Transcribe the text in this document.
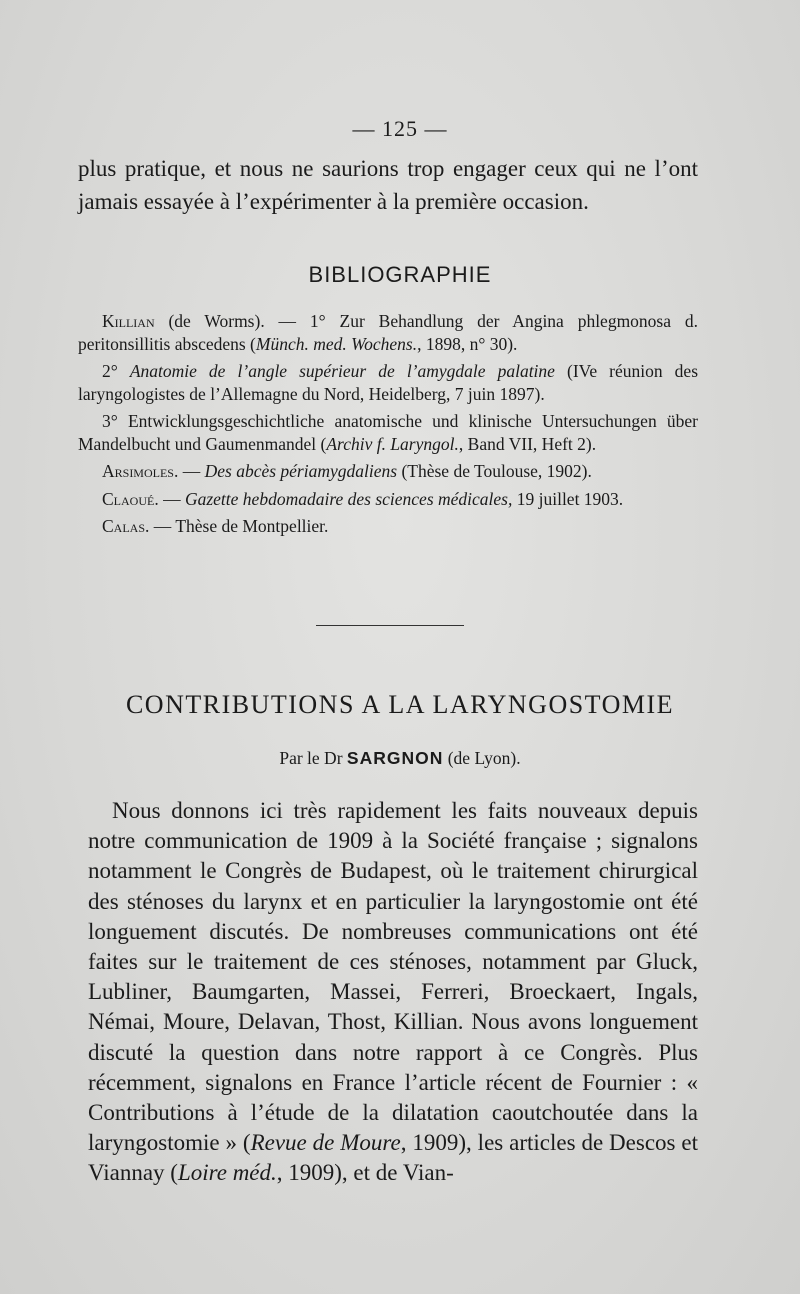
— 125 —
plus pratique, et nous ne saurions trop engager ceux qui ne l’ont jamais essayée à l’expérimenter à la première occasion.
BIBLIOGRAPHIE

Killian (de Worms). — 1° Zur Behandlung der Angina phlegmonosa d. peritonsillitis abscedens (Münch. med. Wochens., 1898, n° 30).

2° Anatomie de l’angle supérieur de l’amygdale palatine (IVe réunion des laryngologistes de l’Allemagne du Nord, Heidelberg, 7 juin 1897).

3° Entwicklungsgeschichtliche anatomische und klinische Untersuchungen über Mandelbucht und Gaumenmandel (Archiv f. Laryngol., Band VII, Heft 2).

Arsimoles. — Des abcès périamygdaliens (Thèse de Toulouse, 1902).

Claoué. — Gazette hebdomadaire des sciences médicales, 19 juillet 1903.

Calas. — Thèse de Montpellier.

CONTRIBUTIONS A LA LARYNGOSTOMIE
Par le Dr SARGNON (de Lyon).

Nous donnons ici très rapidement les faits nouveaux depuis notre communication de 1909 à la Société française ; signalons notamment le Congrès de Budapest, où le traitement chirurgical des sténoses du larynx et en particulier la laryngostomie ont été longuement discutés. De nombreuses communications ont été faites sur le traitement de ces sténoses, notamment par Gluck, Lubliner, Baumgarten, Massei, Ferreri, Broeckaert, Ingals, Némai, Moure, Delavan, Thost, Killian. Nous avons longuement discuté la question dans notre rapport à ce Congrès. Plus récemment, signalons en France l’article récent de Fournier : « Contributions à l’étude de la dilatation caoutchoutée dans la laryngostomie » (Revue de Moure, 1909), les articles de Descos et Viannay (Loire méd., 1909), et de Vian-
